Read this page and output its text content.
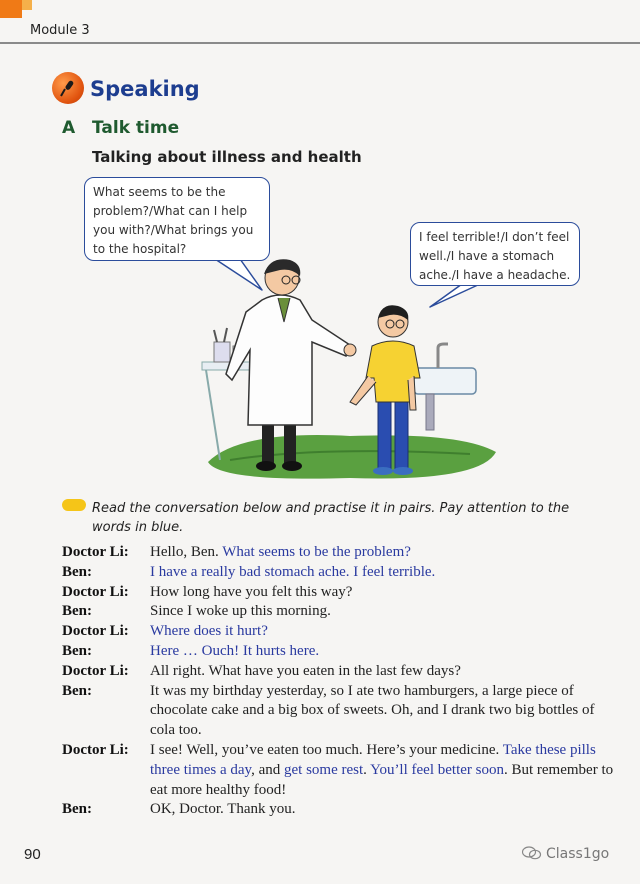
Module 3
Speaking
A Talk time
Talking about illness and health
What seems to be the
problem?/What can I help
you with?/What brings you
to the hospital?
I feel terrible!/I don’t feel
well./I have a stomach
ache./I have a headache.
Read the conversation below and practise it in pairs. Pay attention to the words in blue.
Doctor Li:	Hello, Ben. What seems to be the problem?
Ben:	I have a really bad stomach ache. I feel terrible.
Doctor Li:	How long have you felt this way?
Ben:	Since I woke up this morning.
Doctor Li:	Where does it hurt?
Ben:	Here … Ouch! It hurts here.
Doctor Li:	All right. What have you eaten in the last few days?
Ben:	It was my birthday yesterday, so I ate two hamburgers, a large piece of chocolate cake and a big box of sweets. Oh, and I drank two big bottles of cola too.
Doctor Li:	I see! Well, you’ve eaten too much. Here’s your medicine. Take these pills three times a day, and get some rest. You’ll feel better soon. But remember to eat more healthy food!
Ben:	OK, Doctor. Thank you.
90	Class1go
